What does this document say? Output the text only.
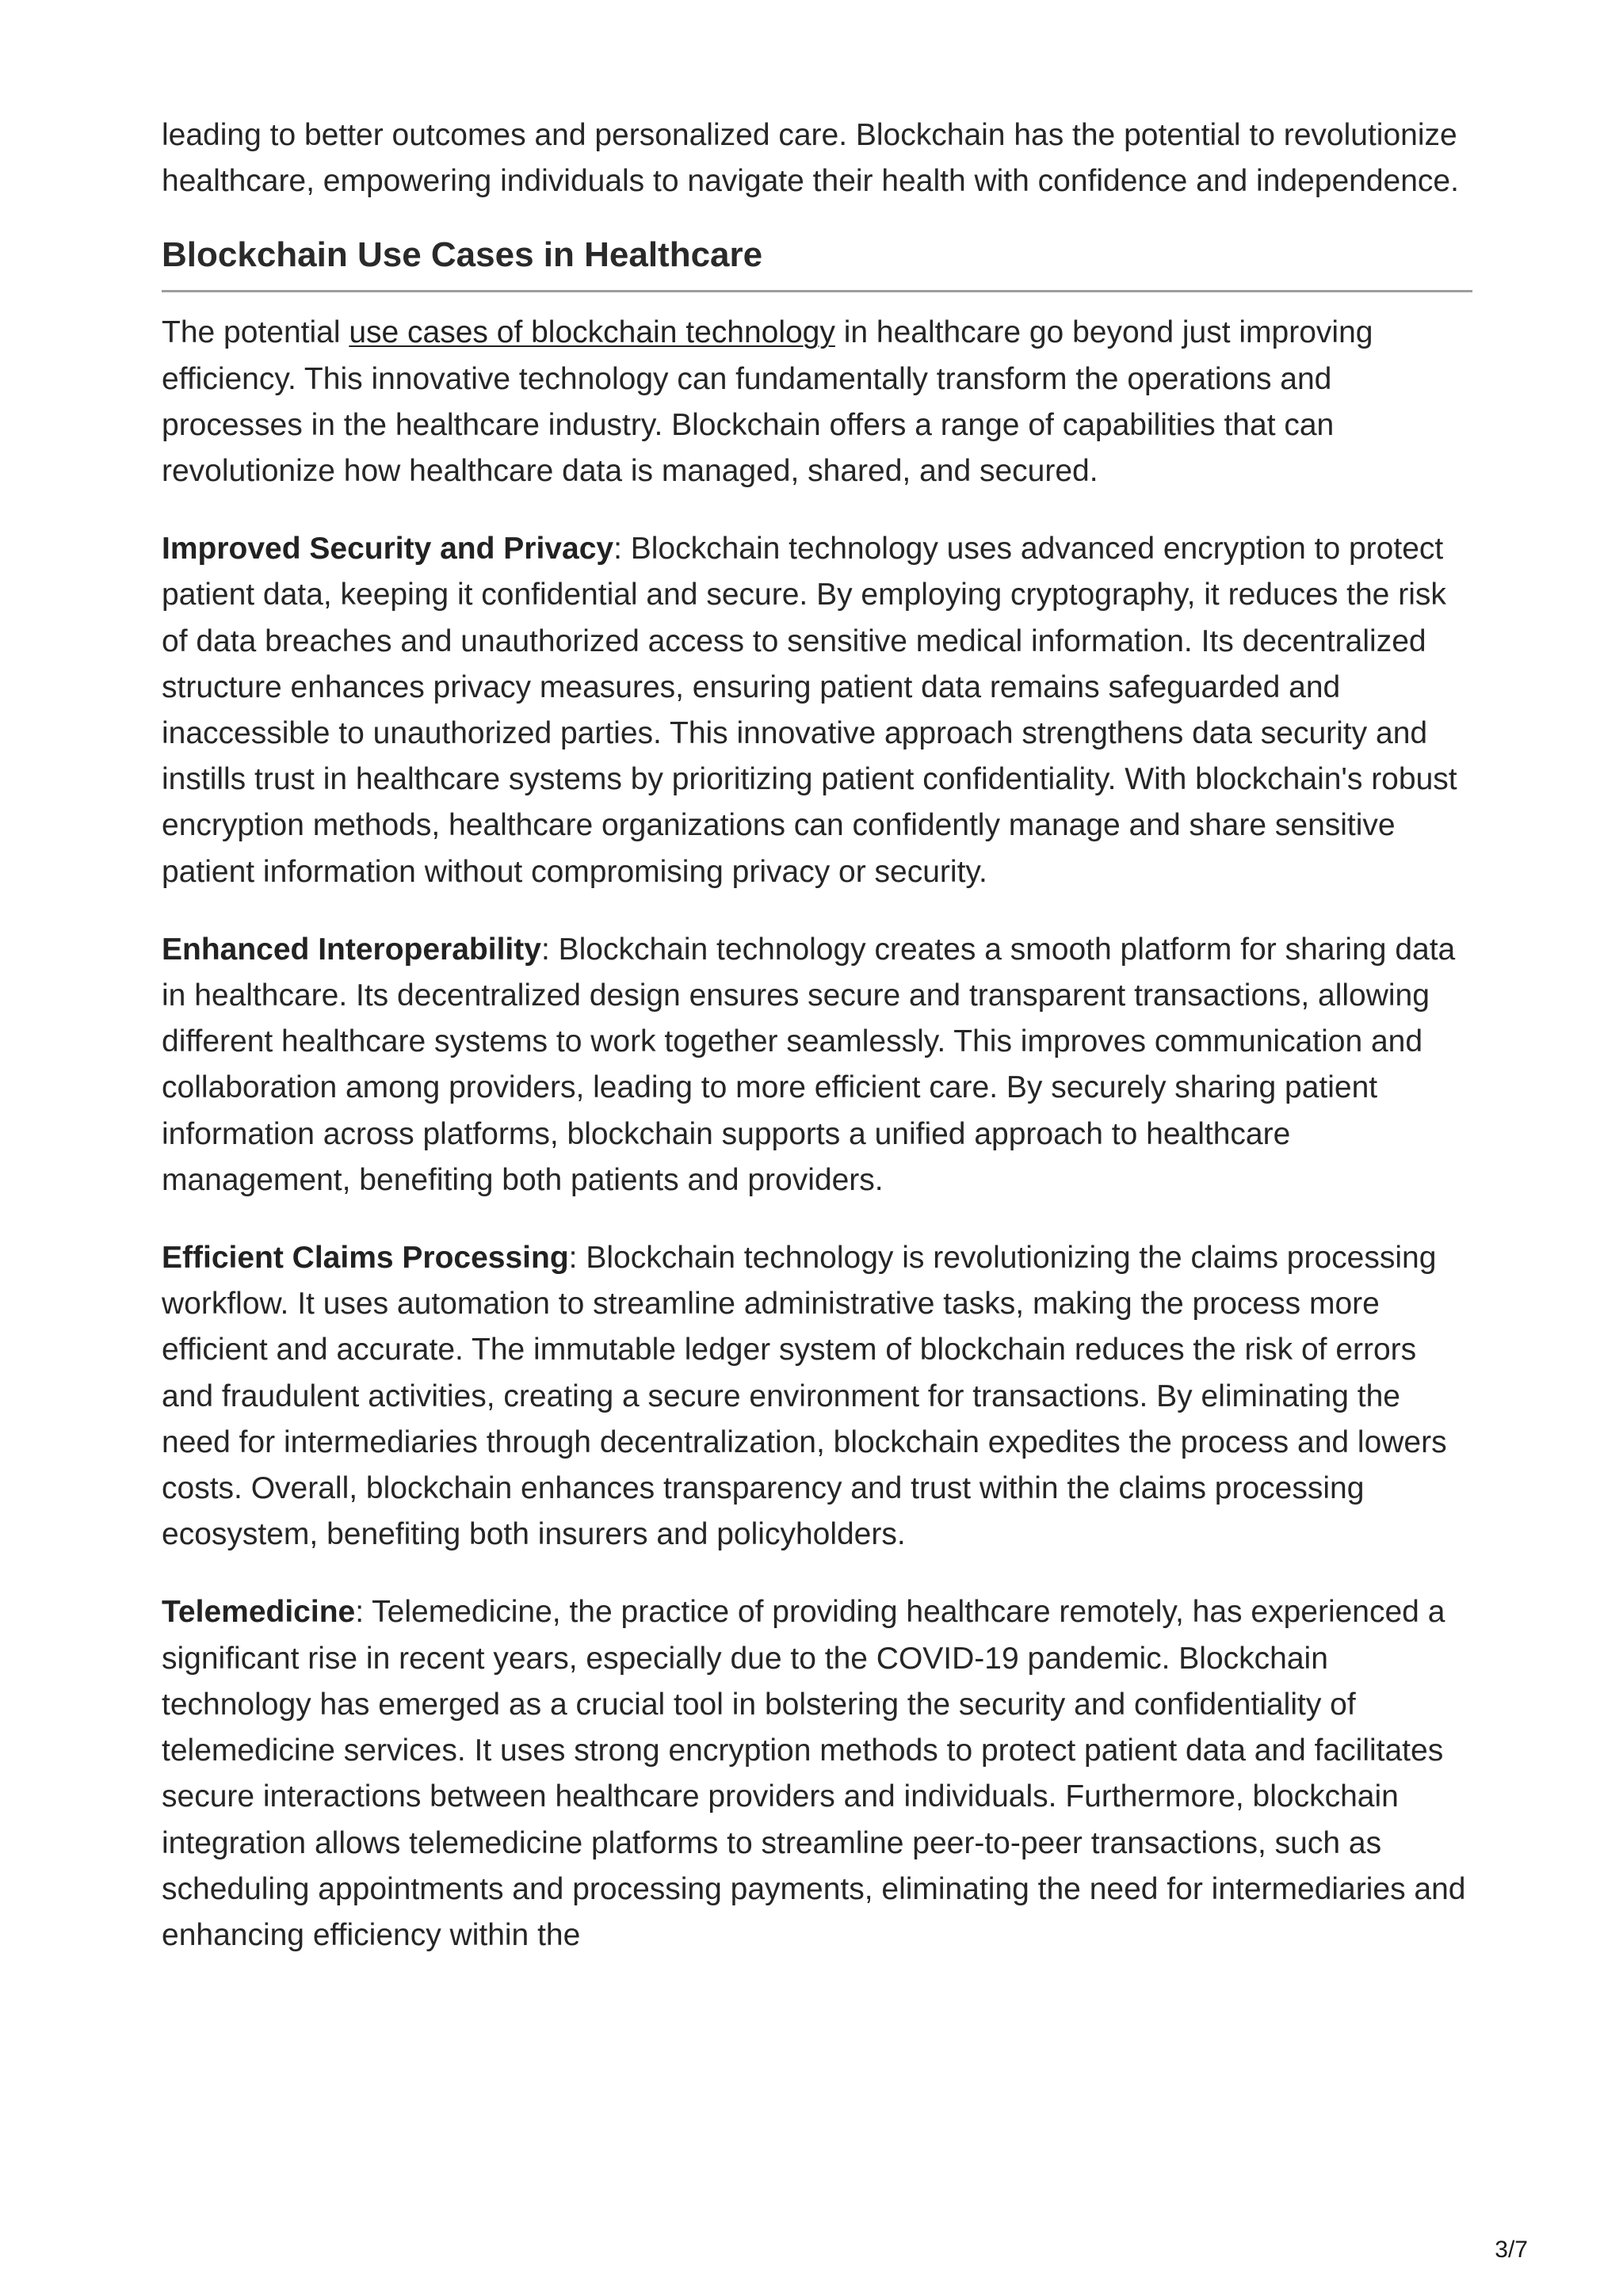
leading to better outcomes and personalized care. Blockchain has the potential to revolutionize healthcare, empowering individuals to navigate their health with confidence and independence.

Blockchain Use Cases in Healthcare

The potential use cases of blockchain technology in healthcare go beyond just improving efficiency. This innovative technology can fundamentally transform the operations and processes in the healthcare industry. Blockchain offers a range of capabilities that can revolutionize how healthcare data is managed, shared, and secured.

Improved Security and Privacy: Blockchain technology uses advanced encryption to protect patient data, keeping it confidential and secure. By employing cryptography, it reduces the risk of data breaches and unauthorized access to sensitive medical information. Its decentralized structure enhances privacy measures, ensuring patient data remains safeguarded and inaccessible to unauthorized parties. This innovative approach strengthens data security and instills trust in healthcare systems by prioritizing patient confidentiality. With blockchain's robust encryption methods, healthcare organizations can confidently manage and share sensitive patient information without compromising privacy or security.

Enhanced Interoperability: Blockchain technology creates a smooth platform for sharing data in healthcare. Its decentralized design ensures secure and transparent transactions, allowing different healthcare systems to work together seamlessly. This improves communication and collaboration among providers, leading to more efficient care. By securely sharing patient information across platforms, blockchain supports a unified approach to healthcare management, benefiting both patients and providers.

Efficient Claims Processing: Blockchain technology is revolutionizing the claims processing workflow. It uses automation to streamline administrative tasks, making the process more efficient and accurate. The immutable ledger system of blockchain reduces the risk of errors and fraudulent activities, creating a secure environment for transactions. By eliminating the need for intermediaries through decentralization, blockchain expedites the process and lowers costs. Overall, blockchain enhances transparency and trust within the claims processing ecosystem, benefiting both insurers and policyholders.

Telemedicine: Telemedicine, the practice of providing healthcare remotely, has experienced a significant rise in recent years, especially due to the COVID-19 pandemic. Blockchain technology has emerged as a crucial tool in bolstering the security and confidentiality of telemedicine services. It uses strong encryption methods to protect patient data and facilitates secure interactions between healthcare providers and individuals. Furthermore, blockchain integration allows telemedicine platforms to streamline peer-to-peer transactions, such as scheduling appointments and processing payments, eliminating the need for intermediaries and enhancing efficiency within the

3/7
